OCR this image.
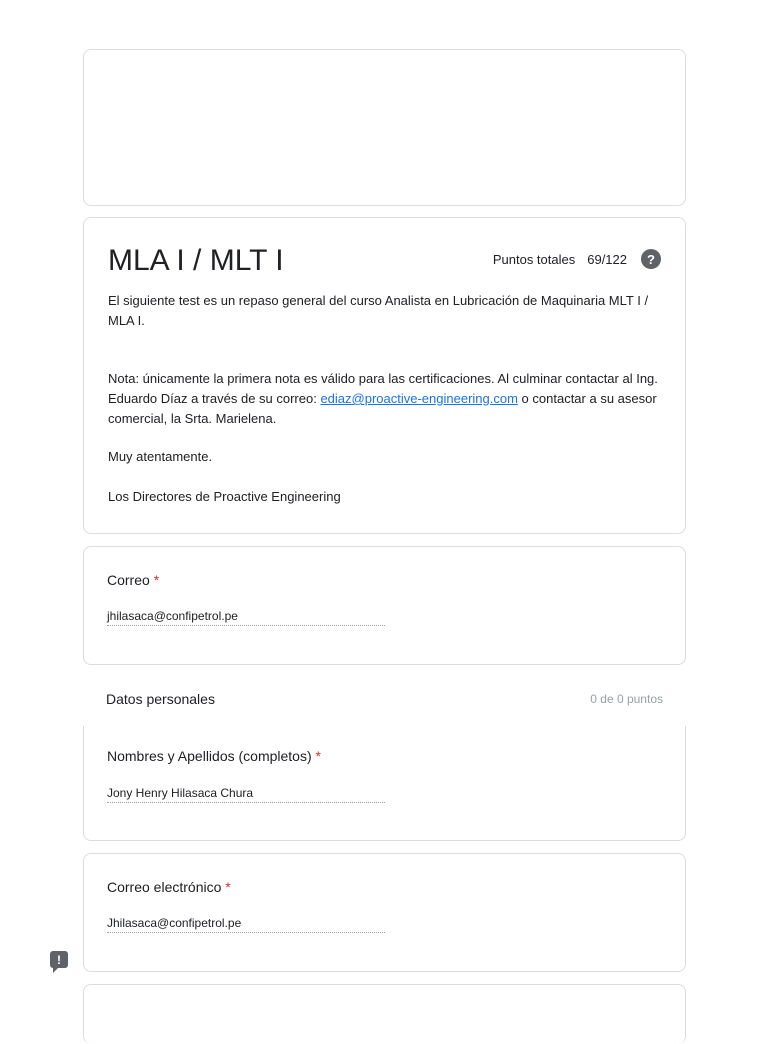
MLA I / MLT I	Puntos totales 69/122	?

El siguiente test es un repaso general del curso Analista en Lubricación de Maquinaria MLT I / MLA I.

Nota: únicamente la primera nota es válido para las certificaciones. Al culminar contactar al Ing. Eduardo Díaz a través de su correo: ediaz@proactive-engineering.com o contactar a su asesor comercial, la Srta. Marielena.

Muy atentamente.

Los Directores de Proactive Engineering

Correo *
jhilasaca@confipetrol.pe
Datos personales	0 de 0 puntos
Nombres y Apellidos (completos) *
Jony Henry Hilasaca Chura
Correo electrónico *
Jhilasaca@confipetrol.pe
!
